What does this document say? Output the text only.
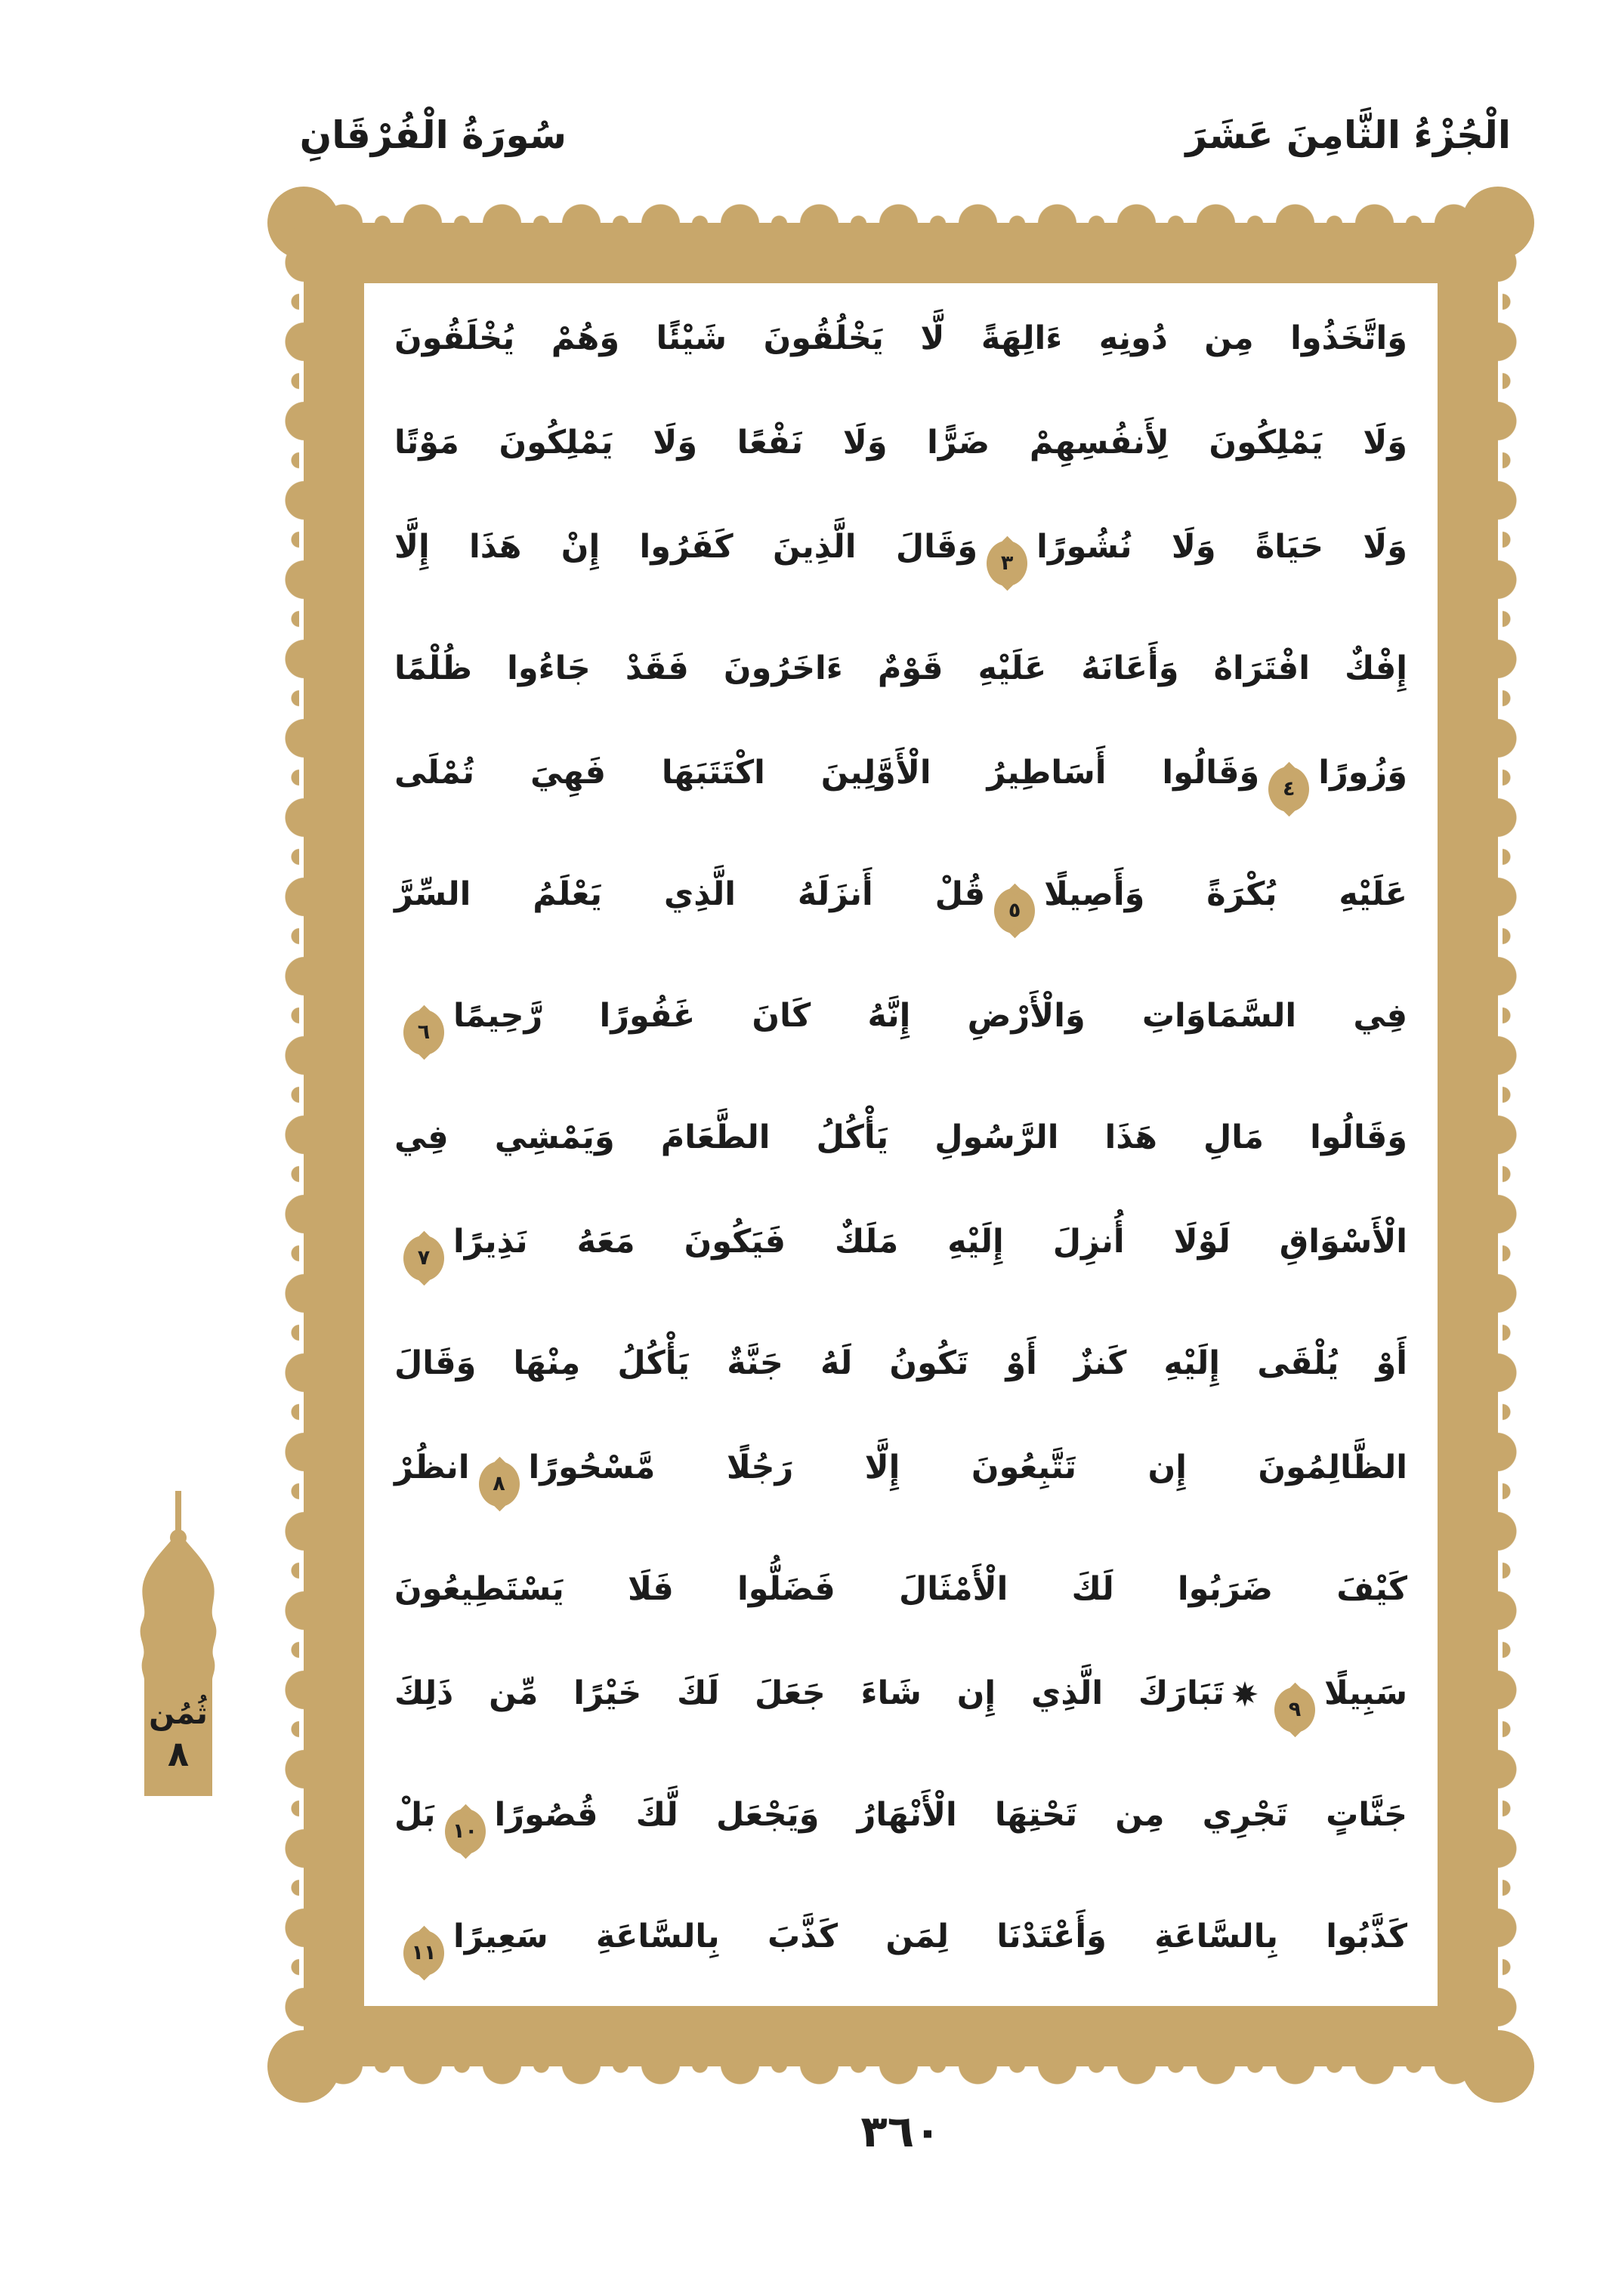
سُورَةُ الْفُرْقَانِ	الْجُزْءُ الثَّامِنَ عَشَرَ
وَاتَّخَذُوا مِن دُونِهِ ءَالِهَةً لَّا يَخْلُقُونَ شَيْئًا وَهُمْ يُخْلَقُونَ
وَلَا يَمْلِكُونَ لِأَنفُسِهِمْ ضَرًّا وَلَا نَفْعًا وَلَا يَمْلِكُونَ مَوْتًا
وَلَا حَيَاةً وَلَا نُشُورًا
٣
وَقَالَ الَّذِينَ كَفَرُوا إِنْ هَذَا إِلَّا
إِفْكٌ افْتَرَاهُ وَأَعَانَهُ عَلَيْهِ قَوْمٌ ءَاخَرُونَ فَقَدْ جَاءُوا ظُلْمًا
وَزُورًا
٤
وَقَالُوا أَسَاطِيرُ الْأَوَّلِينَ اكْتَتَبَهَا فَهِيَ تُمْلَى
عَلَيْهِ بُكْرَةً وَأَصِيلًا
٥
قُلْ أَنزَلَهُ الَّذِي يَعْلَمُ السِّرَّ
فِي السَّمَاوَاتِ وَالْأَرْضِ إِنَّهُ كَانَ غَفُورًا رَّحِيمًا
٦
وَقَالُوا مَالِ هَذَا الرَّسُولِ يَأْكُلُ الطَّعَامَ وَيَمْشِي فِي
الْأَسْوَاقِ لَوْلَا أُنزِلَ إِلَيْهِ مَلَكٌ فَيَكُونَ مَعَهُ نَذِيرًا
٧
أَوْ يُلْقَى إِلَيْهِ كَنزٌ أَوْ تَكُونُ لَهُ جَنَّةٌ يَأْكُلُ مِنْهَا وَقَالَ
الظَّالِمُونَ إِن تَتَّبِعُونَ إِلَّا رَجُلًا مَّسْحُورًا
٨
انظُرْ
كَيْفَ ضَرَبُوا لَكَ الْأَمْثَالَ فَضَلُّوا فَلَا يَسْتَطِيعُونَ
سَبِيلًا
٩
تَبَارَكَ الَّذِي إِن شَاءَ جَعَلَ لَكَ خَيْرًا مِّن ذَلِكَ
جَنَّاتٍ تَجْرِي مِن تَحْتِهَا الْأَنْهَارُ وَيَجْعَل لَّكَ قُصُورًا
١٠
بَلْ
كَذَّبُوا بِالسَّاعَةِ وَأَعْتَدْنَا لِمَن كَذَّبَ بِالسَّاعَةِ سَعِيرًا
١١
ثُمُن
٨
٣٦٠
